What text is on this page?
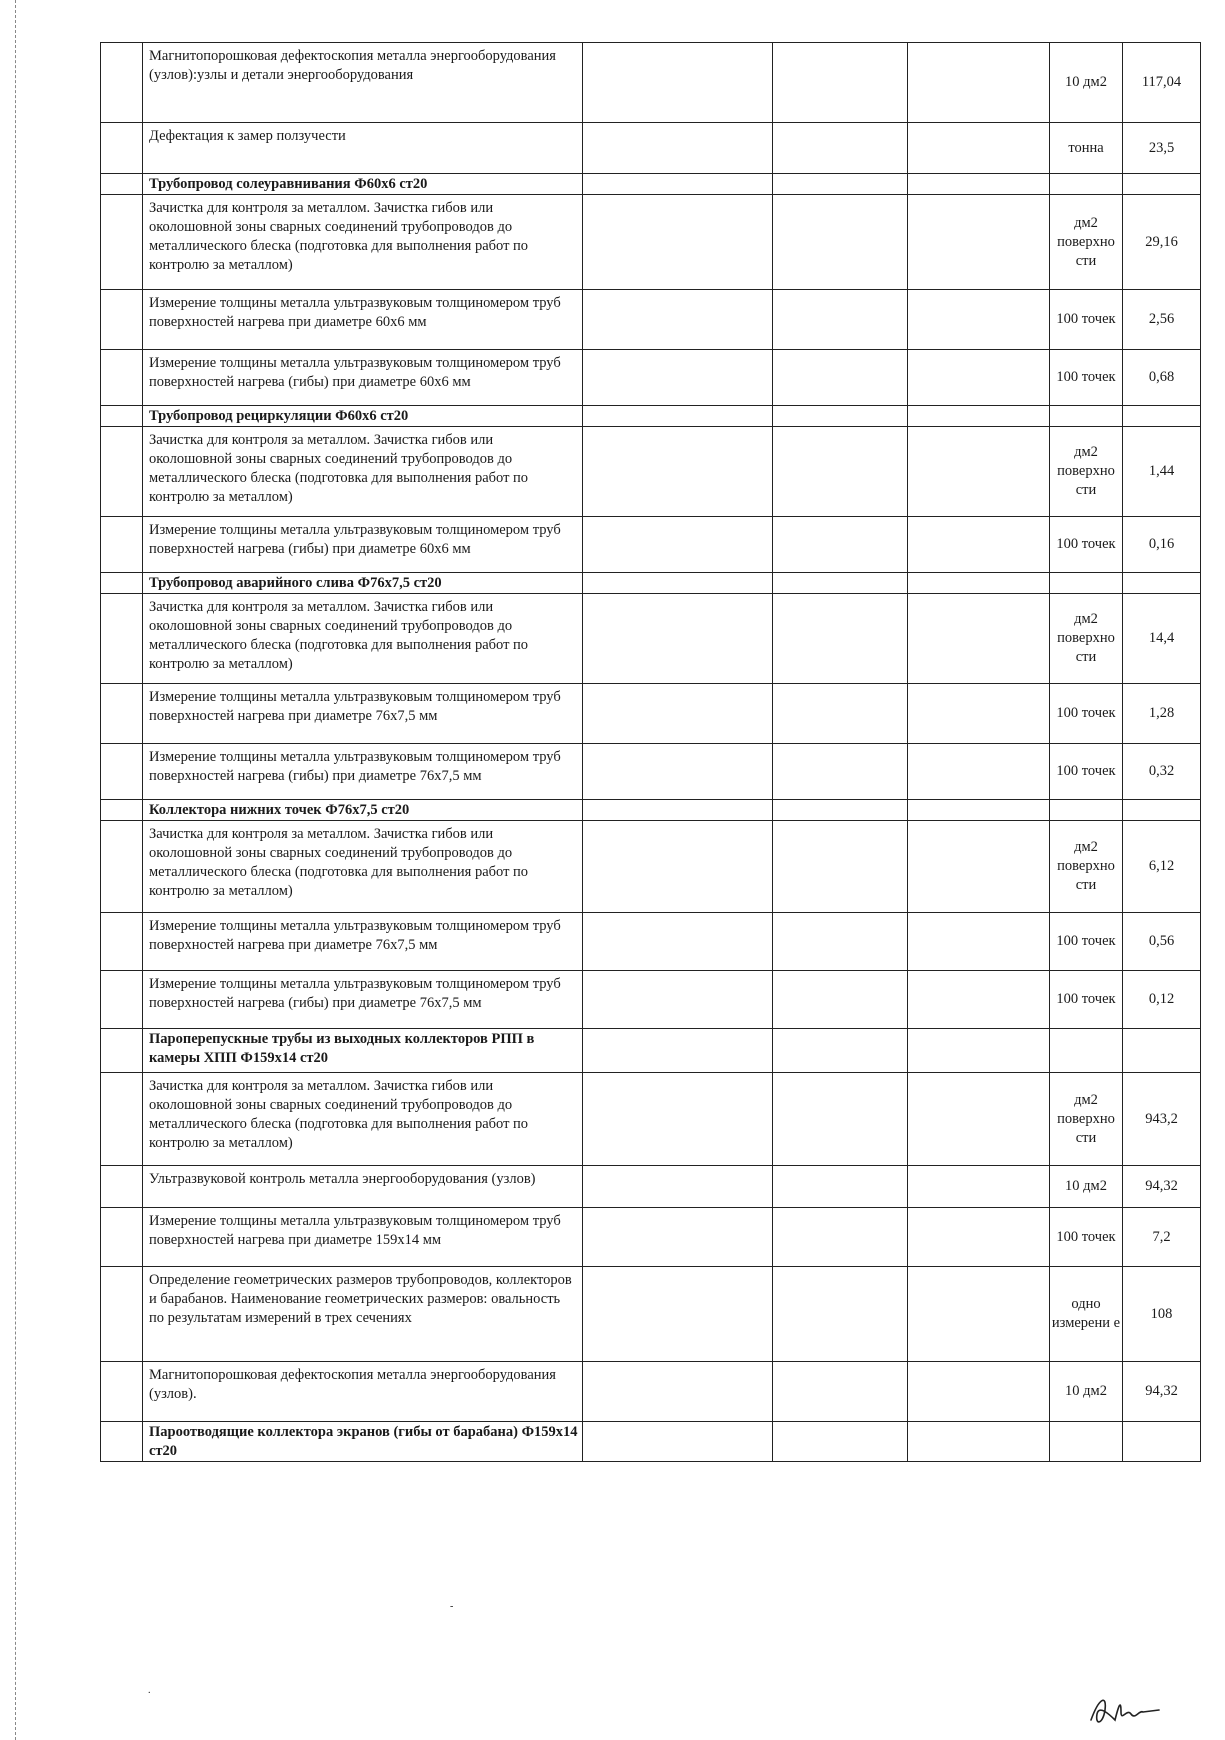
	Магнитопорошковая дефектоскопия металла энергооборудования (узлов):узлы и детали энергооборудования				10 дм2	117,04
	Дефектация к замер ползучести				тонна	23,5
	Трубопровод солеуравнивания Ф60х6 ст20					
	Зачистка для контроля за металлом. Зачистка гибов или околошовной зоны сварных соединений трубопроводов до металлического блеска (подготовка для выполнения работ по контролю за металлом)				дм2 поверхно сти	29,16
	Измерение толщины металла ультразвуковым толщиномером труб поверхностей нагрева при диаметре 60х6 мм				100 точек	2,56
	Измерение толщины металла ультразвуковым толщиномером труб поверхностей нагрева (гибы) при диаметре 60х6 мм				100 точек	0,68
	Трубопровод рециркуляции Ф60х6 ст20					
	Зачистка для контроля за металлом. Зачистка гибов или околошовной зоны сварных соединений трубопроводов до металлического блеска (подготовка для выполнения работ по контролю за металлом)				дм2 поверхно сти	1,44
	Измерение толщины металла ультразвуковым толщиномером труб поверхностей нагрева (гибы) при диаметре 60х6 мм				100 точек	0,16
	Трубопровод аварийного слива Ф76х7,5 ст20					
	Зачистка для контроля за металлом. Зачистка гибов или околошовной зоны сварных соединений трубопроводов до металлического блеска (подготовка для выполнения работ по контролю за металлом)				дм2 поверхно сти	14,4
	Измерение толщины металла ультразвуковым толщиномером труб поверхностей нагрева при диаметре 76х7,5 мм				100 точек	1,28
	Измерение толщины металла ультразвуковым толщиномером труб поверхностей нагрева (гибы) при диаметре 76х7,5 мм				100 точек	0,32
	Коллектора нижних точек Ф76х7,5 ст20					
	Зачистка для контроля за металлом. Зачистка гибов или околошовной зоны сварных соединений трубопроводов до металлического блеска (подготовка для выполнения работ по контролю за металлом)				дм2 поверхно сти	6,12
	Измерение толщины металла ультразвуковым толщиномером труб поверхностей нагрева при диаметре 76х7,5 мм				100 точек	0,56
	Измерение толщины металла ультразвуковым толщиномером труб поверхностей нагрева (гибы) при диаметре 76х7,5 мм				100 точек	0,12
	Пароперепускные трубы из выходных коллекторов РПП в камеры ХПП Ф159х14 ст20					
	Зачистка для контроля за металлом. Зачистка гибов или околошовной зоны сварных соединений трубопроводов до металлического блеска (подготовка для выполнения работ по контролю за металлом)				дм2 поверхно сти	943,2
	Ультразвуковой контроль металла энергооборудования (узлов)				10 дм2	94,32
	Измерение толщины металла ультразвуковым толщиномером труб поверхностей нагрева при диаметре 159х14 мм				100 точек	7,2
	Определение геометрических размеров трубопроводов, коллекторов и барабанов. Наименование геометрических размеров: овальность по результатам измерений в трех сечениях				одно измерени е	108
	Магнитопорошковая дефектоскопия металла энергооборудования (узлов).				10 дм2	94,32
	Пароотводящие коллектора экранов (гибы от барабана) Ф159х14 ст20					
-
.
